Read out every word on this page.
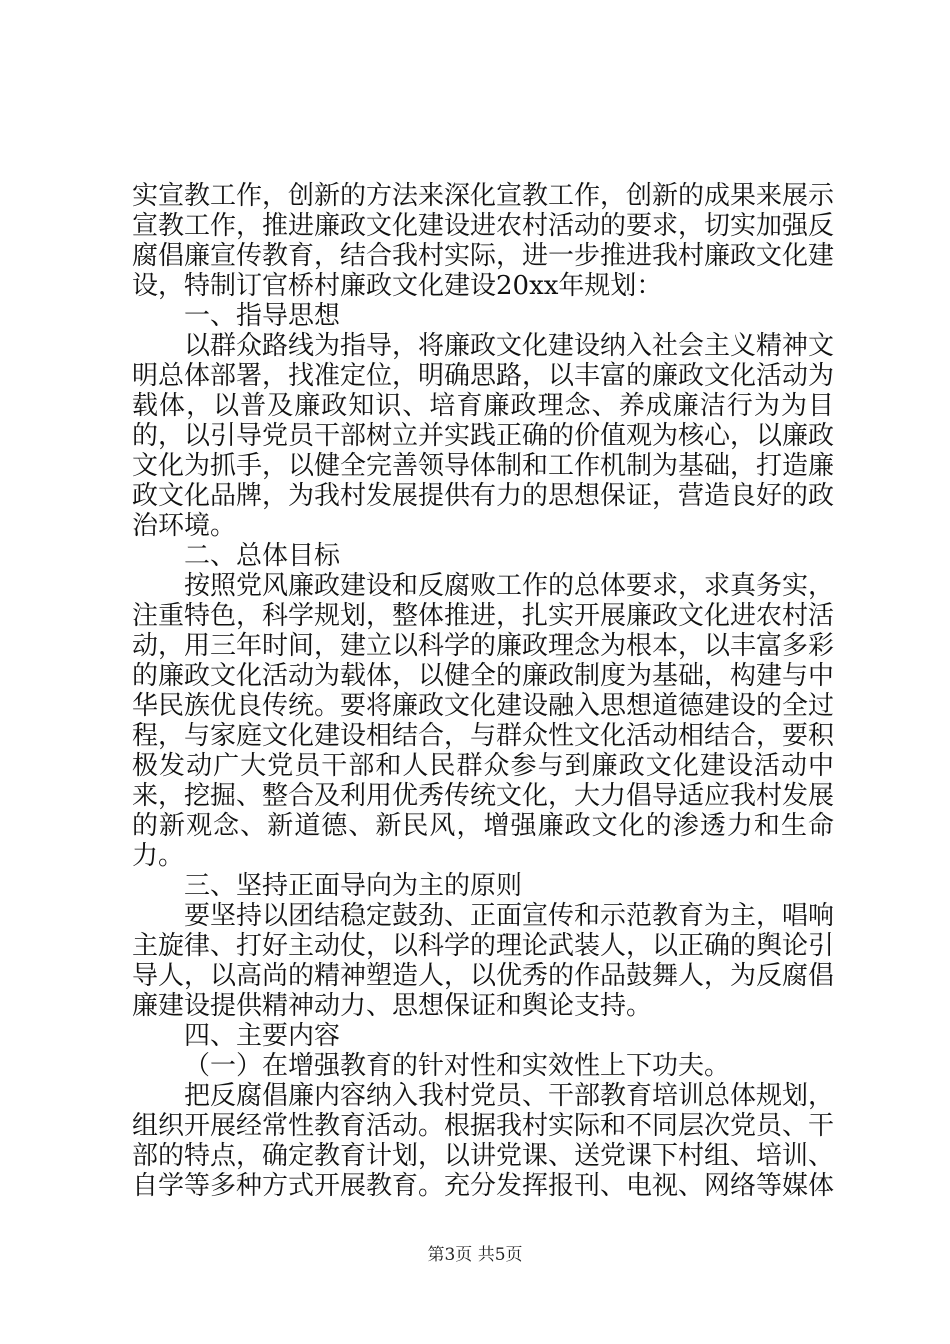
实宣教工作，创新的方法来深化宣教工作，创新的成果来展示宣教工作，推进廉政文化建设进农村活动的要求，切实加强反腐倡廉宣传教育，结合我村实际，进一步推进我村廉政文化建设，特制订官桥村廉政文化建设20xx年规划：

一、指导思想

以群众路线为指导，将廉政文化建设纳入社会主义精神文明总体部署，找准定位，明确思路，以丰富的廉政文化活动为载体，以普及廉政知识、培育廉政理念、养成廉洁行为为目的，以引导党员干部树立并实践正确的价值观为核心，以廉政文化为抓手，以健全完善领导体制和工作机制为基础，打造廉政文化品牌，为我村发展提供有力的思想保证，营造良好的政治环境。

二、总体目标

按照党风廉政建设和反腐败工作的总体要求，求真务实，注重特色，科学规划，整体推进，扎实开展廉政文化进农村活动，用三年时间，建立以科学的廉政理念为根本，以丰富多彩的廉政文化活动为载体，以健全的廉政制度为基础，构建与中华民族优良传统。要将廉政文化建设融入思想道德建设的全过程，与家庭文化建设相结合，与群众性文化活动相结合，要积极发动广大党员干部和人民群众参与到廉政文化建设活动中来，挖掘、整合及利用优秀传统文化，大力倡导适应我村发展的新观念、新道德、新民风，增强廉政文化的渗透力和生命力。

三、坚持正面导向为主的原则

要坚持以团结稳定鼓劲、正面宣传和示范教育为主，唱响主旋律、打好主动仗，以科学的理论武装人，以正确的舆论引导人，以高尚的精神塑造人，以优秀的作品鼓舞人，为反腐倡廉建设提供精神动力、思想保证和舆论支持。

四、主要内容

（一）在增强教育的针对性和实效性上下功夫。

把反腐倡廉内容纳入我村党员、干部教育培训总体规划，组织开展经常性教育活动。根据我村实际和不同层次党员、干部的特点，确定教育计划，以讲党课、送党课下村组、培训、自学等多种方式开展教育。充分发挥报刊、电视、网络等媒体

第3页 共5页
